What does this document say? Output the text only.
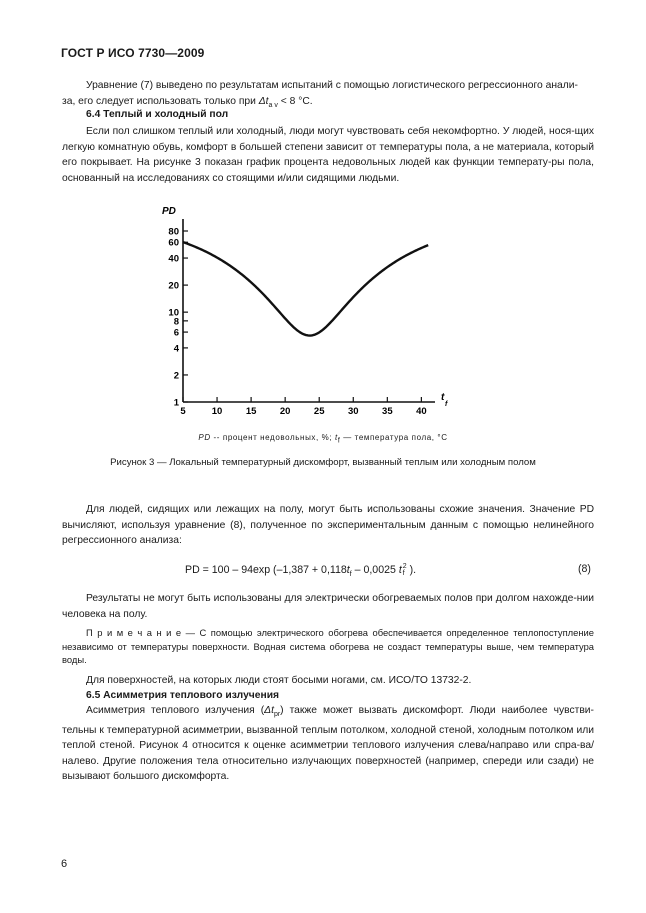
ГОСТ Р ИСО 7730—2009

Уравнение (7) выведено по результатам испытаний с помощью логистического регрессионного анали-

за, его следует использовать только при $\Delta t_{a v} < 8$ °C.

6.4 Теплый и холодный пол
Если пол слишком теплый или холодный, люди могут чувствовать себя некомфортно. У людей, нося-щих легкую комнатную обувь, комфорт в большей степени зависит от температуры пола, а не материала, который его покрывает. На рисунке 3 показан график процента недовольных людей как функции температу-ры пола, основанный на исследованиях со стоящими и/или сидящими людьми.
PD
t
f
1
2
4
6
8
10
20
40
60
80
5	10 15 20 25 30 35 40
PD -- процент недовольных, %; $t_f$ — температура пола, °C
Рисунок 3 — Локальный температурный дискомфорт, вызванный теплым или холодным полом
Для людей, сидящих или лежащих на полу, могут быть использованы схожие значения. Значение PD вычисляют, используя уравнение (8), полученное по экспериментальным данным с помощью нелинейного регрессионного анализа:
PD = 100 – 94exp ($-1,387 + 0,118t_f - 0,0025$ t 2
f ).	(8)
Результаты не могут быть использованы для электрически обогреваемых полов при долгом нахожде-нии человека на полу.
П р и м е ч а н и е — С помощью электрического обогрева обеспечивается определенное теплопоступление независимо от температуры поверхности. Водная система обогрева не создаст температуры выше, чем температура воды.
Для поверхностей, на которых люди стоят босыми ногами, см. ИСО/ТО 13732-2.
6.5 Асимметрия теплового излучения
Асимметрия теплового излучения $(\Delta t_{pr})$ также может вызвать дискомфорт. Люди наиболее чувстви-тельны к температурной асимметрии, вызванной теплым потолком, холодной стеной, холодным потолком или теплой стеной. Рисунок 4 относится к оценке асимметрии теплового излучения слева/направо или спра-ва/налево. Другие положения тела относительно излучающих поверхностей (например, спереди или сзади) не вызывают большого дискомфорта.
6
